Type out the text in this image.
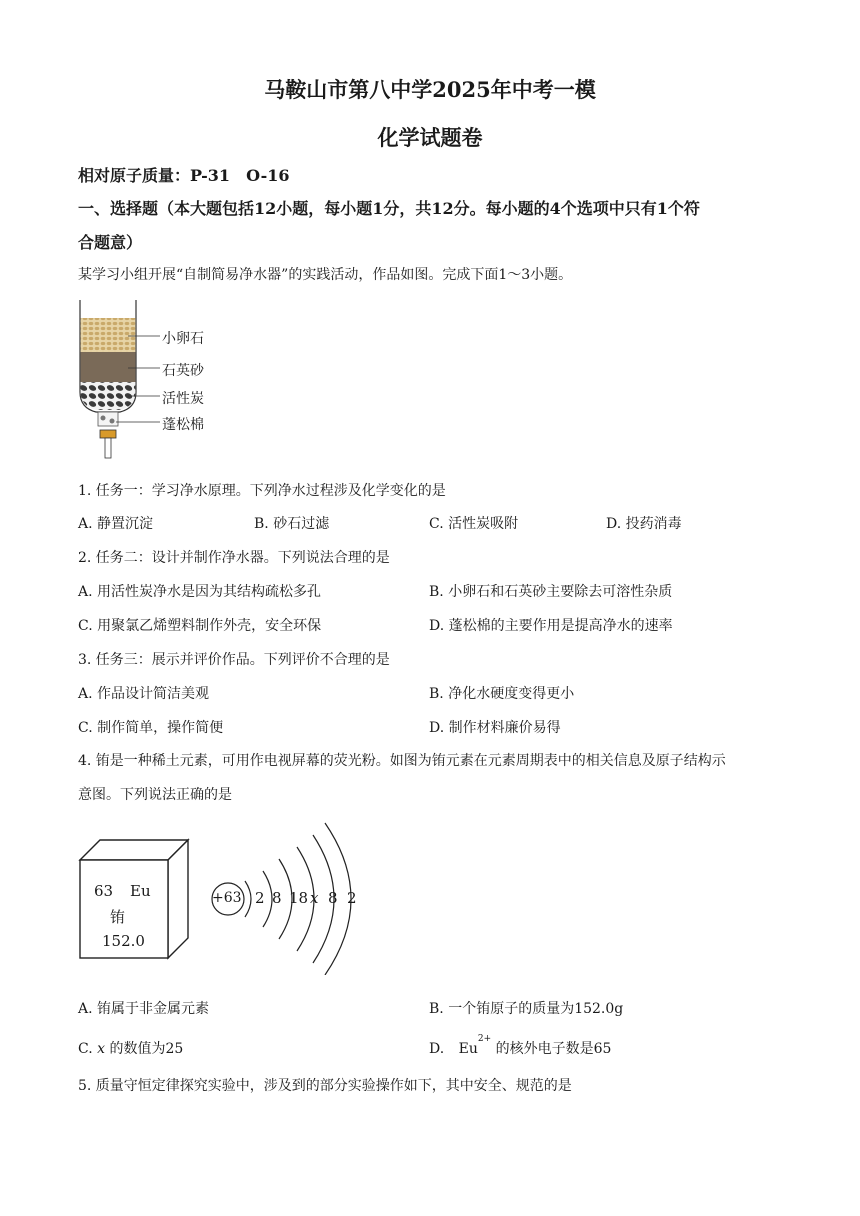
马鞍山市第八中学2025年中考一模
化学试题卷
相对原子质量：P-31　O-16
一、选择题（本大题包括12小题，每小题1分，共12分。每小题的4个选项中只有1个符
合题意）
某学习小组开展“自制简易净水器”的实践活动，作品如图。完成下面1～3小题。
小卵石
石英砂
活性炭
蓬松棉
1. 任务一：学习净水原理。下列净水过程涉及化学变化的是
A. 静置沉淀	B. 砂石过滤	C. 活性炭吸附	D. 投药消毒
2. 任务二：设计并制作净水器。下列说法合理的是
A. 用活性炭净水是因为其结构疏松多孔	B. 小卵石和石英砂主要除去可溶性杂质
C. 用聚氯乙烯塑料制作外壳，安全环保	D. 蓬松棉的主要作用是提高净水的速率
3. 任务三：展示并评价作品。下列评价不合理的是
A. 作品设计简洁美观	B. 净化水硬度变得更小
C. 制作简单，操作简便	D. 制作材料廉价易得
4. 铕是一种稀土元素，可用作电视屏幕的荧光粉。如图为铕元素在元素周期表中的相关信息及原子结构示
意图。下列说法正确的是
63 Eu
铕
152.0
+63 2 8 18 x 8 2
A. 铕属于非金属元素	B. 一个铕原子的质量为152.0g
C. x 的数值为25	D. $Eu^{2+}$ 的核外电子数是65
5. 质量守恒定律探究实验中，涉及到的部分实验操作如下，其中安全、规范的是
